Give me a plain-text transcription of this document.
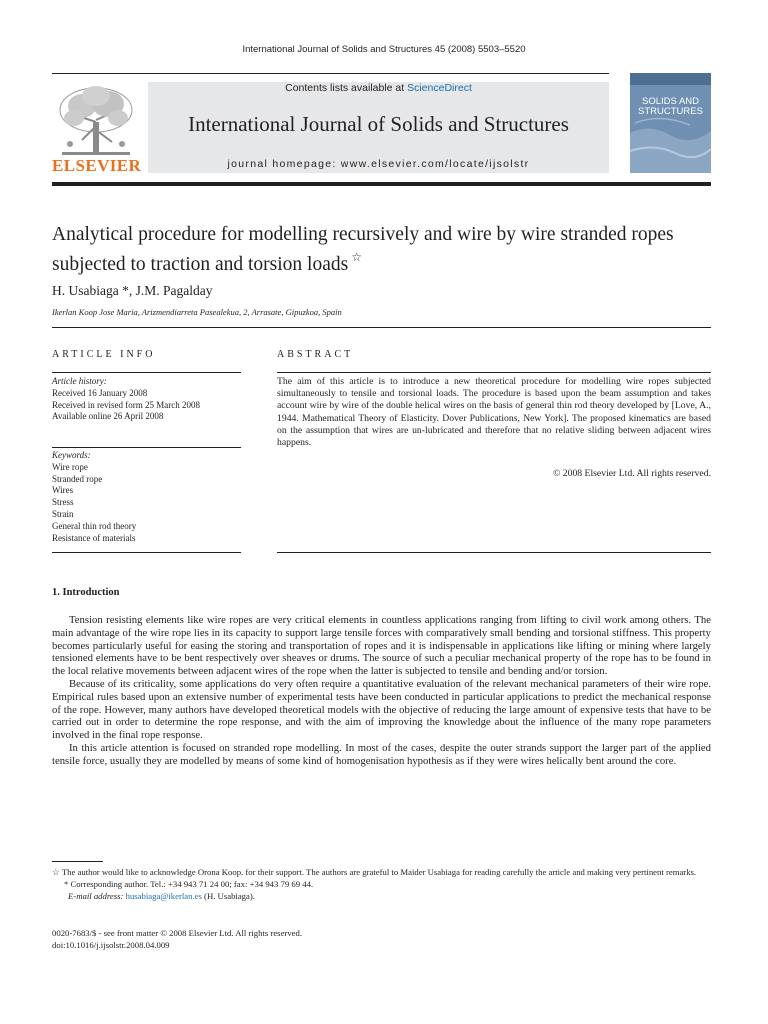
International Journal of Solids and Structures 45 (2008) 5503–5520
ELSEVIER
Contents lists available at ScienceDirect
International Journal of Solids and Structures
journal homepage: www.elsevier.com/locate/ijsolstr
SOLIDS AND
STRUCTURES
Analytical procedure for modelling recursively and wire by wire stranded ropes subjected to traction and torsion loads ☆
H. Usabiaga *, J.M. Pagalday
Ikerlan Koop Jose Maria, Arizmendiarreta Pasealekua, 2, Arrasate, Gipuzkoa, Spain
ARTICLE INFO	ABSTRACT
Article history:
Received 16 January 2008
Received in revised form 25 March 2008
Available online 26 April 2008
Keywords:
Wire rope
Stranded rope
Wires
Stress
Strain
General thin rod theory
Resistance of materials
The aim of this article is to introduce a new theoretical procedure for modelling wire ropes subjected simultaneously to tensile and torsional loads. The procedure is based upon the beam assumption and takes account wire by wire of the double helical wires on the basis of general thin rod theory developed by [Love, A., 1944. Mathematical Theory of Elasticity. Dover Publications, New York]. The proposed kinematics are based on the assumption that wires are un-lubricated and therefore that no relative sliding between adjacent wires happens.
© 2008 Elsevier Ltd. All rights reserved.
1. Introduction

Tension resisting elements like wire ropes are very critical elements in countless applications ranging from lifting to civil work among others. The main advantage of the wire rope lies in its capacity to support large tensile forces with comparatively small bending and torsional stiffness. This property becomes particularly useful for easing the storing and transportation of ropes and it is indispensable in applications like lifting or mining where largely tensioned elements have to be bent respectively over sheaves or drums. The source of such a peculiar mechanical property of the rope has to be found in the local relative movements between adjacent wires of the rope when the latter is subjected to tensile and bending and/or torsion.

Because of its criticality, some applications do very often require a quantitative evaluation of the relevant mechanical parameters of their wire rope. Empirical rules based upon an extensive number of experimental tests have been conducted in particular applications to predict the mechanical response of the rope. However, many authors have developed theoretical models with the objective of reducing the large amount of expensive tests that have to be carried out in order to determine the rope response, and with the aim of improving the knowledge about the influence of the many rope parameters involved in the final rope response.

In this article attention is focused on stranded rope modelling. In most of the cases, despite the outer strands support the larger part of the applied tensile force, usually they are modelled by means of some kind of homogenisation hypothesis as if they were wires helically bent around the core.

☆ The author would like to acknowledge Orona Koop. for their support. The authors are grateful to Maider Usabiaga for reading carefully the article and making very pertinent remarks.

* Corresponding author. Tel.: +34 943 71 24 00; fax: +34 943 79 69 44.

E-mail address: husabiaga@ikerlan.es (H. Usabiaga).

0020-7683/$ - see front matter © 2008 Elsevier Ltd. All rights reserved.
doi:10.1016/j.ijsolstr.2008.04.009
